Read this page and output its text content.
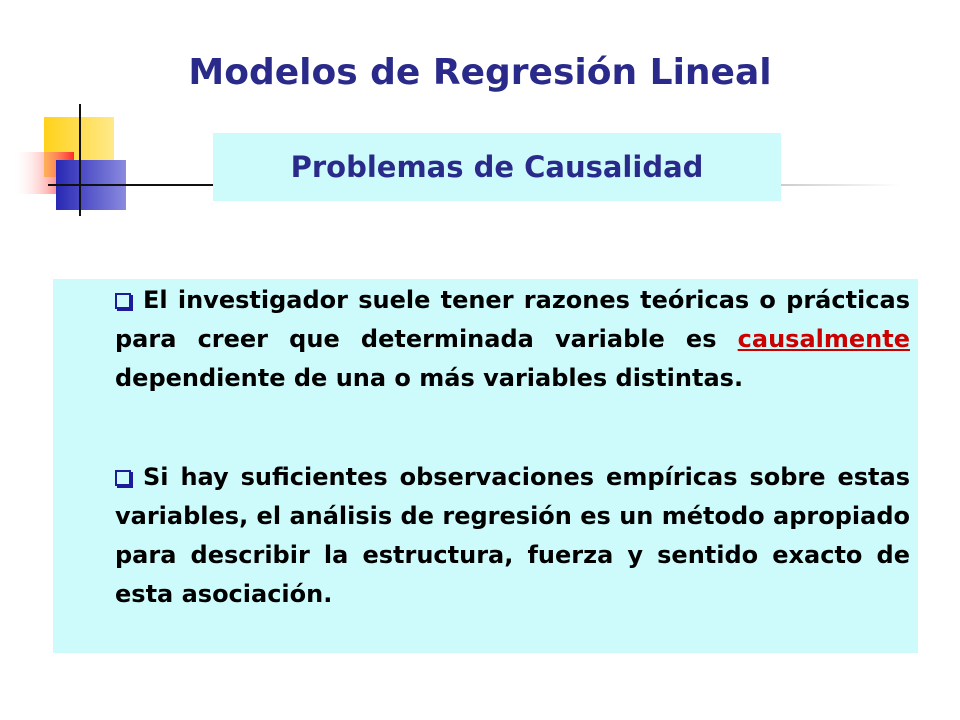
Modelos de Regresión Lineal
Problemas de Causalidad
El investigador suele tener razones teóricas o prácticas para creer que determinada variable es causalmente dependiente de una o más variables distintas.
Si hay suficientes observaciones empíricas sobre estas variables, el análisis de regresión es un método apropiado para describir la estructura, fuerza y sentido exacto de esta asociación.
